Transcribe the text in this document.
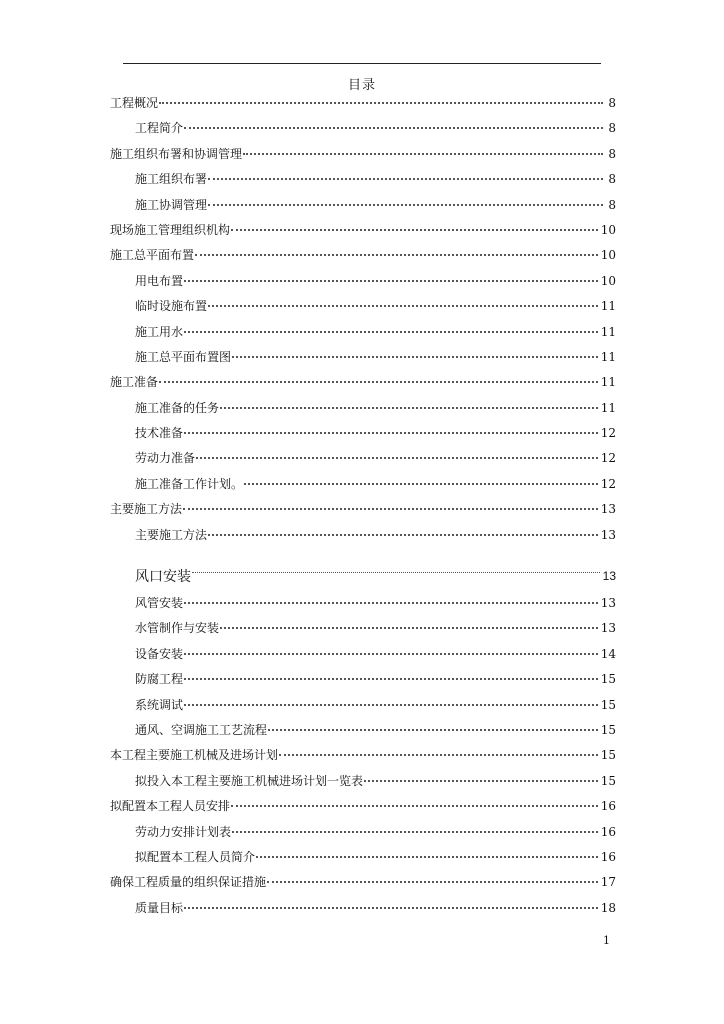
目录
工程概况	8
工程简介	8
施工组织布署和协调管理	8
施工组织布署	8
施工协调管理	8
现场施工管理组织机构	10
施工总平面布置	10
用电布置	10
临时设施布置	11
施工用水	11
施工总平面布置图	11
施工准备	11
施工准备的任务	11
技术准备	12
劳动力准备	12
施工准备工作计划。	12
主要施工方法	13
主要施工方法	13
风口安装	13
风管安装	13
水管制作与安装	13
设备安装	14
防腐工程	15
系统调试	15
通风、空调施工工艺流程	15
本工程主要施工机械及进场计划	15
拟投入本工程主要施工机械进场计划一览表	15
拟配置本工程人员安排	16
劳动力安排计划表	16
拟配置本工程人员简介	16
确保工程质量的组织保证措施	17
质量目标	18
1
